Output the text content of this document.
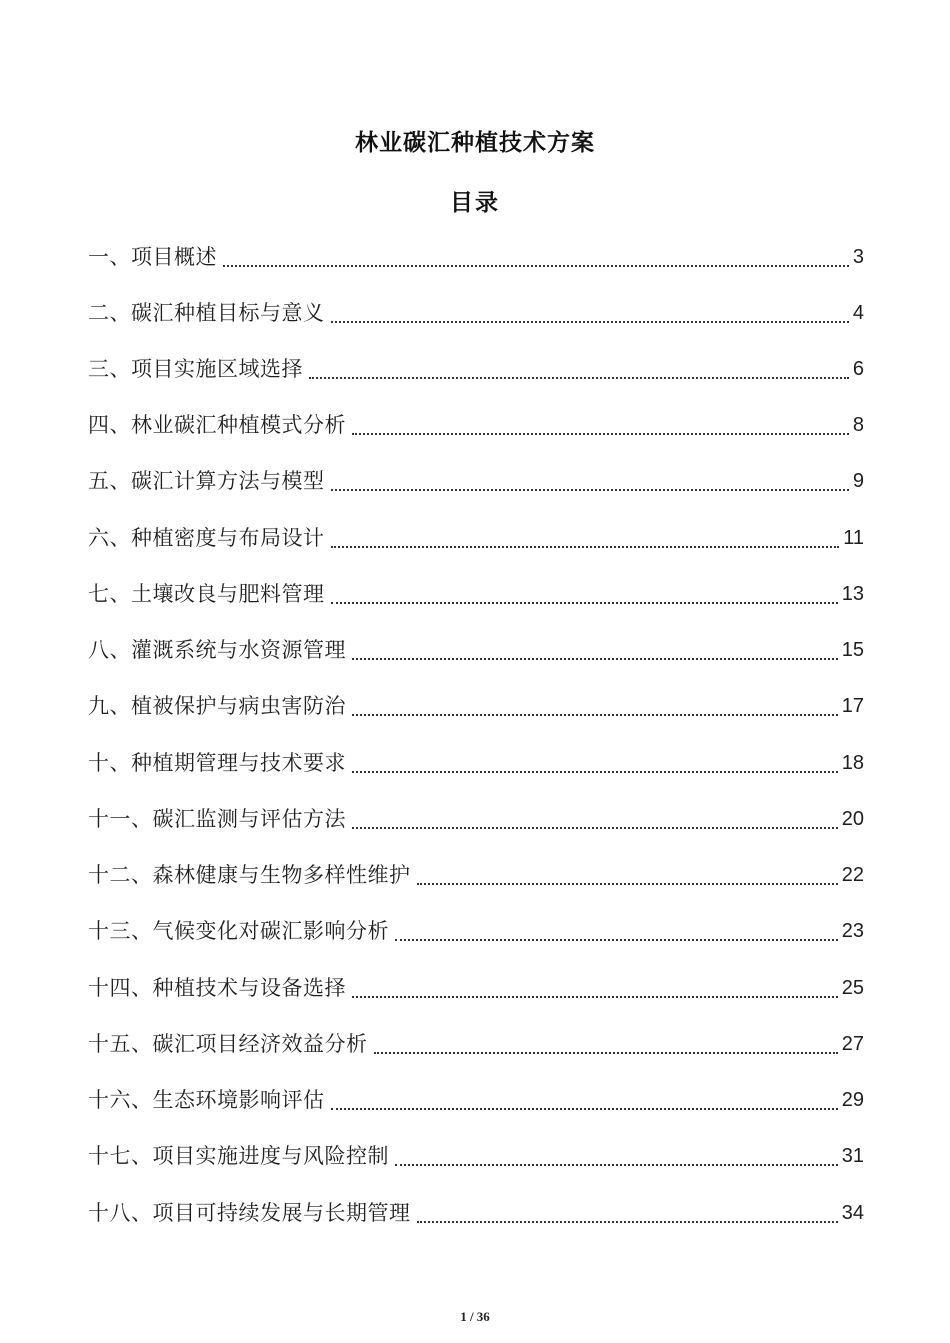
林业碳汇种植技术方案
目录
一、项目概述	3
二、碳汇种植目标与意义	4
三、项目实施区域选择	6
四、林业碳汇种植模式分析	8
五、碳汇计算方法与模型	9
六、种植密度与布局设计	11
七、土壤改良与肥料管理	13
八、灌溉系统与水资源管理	15
九、植被保护与病虫害防治	17
十、种植期管理与技术要求	18
十一、碳汇监测与评估方法	20
十二、森林健康与生物多样性维护	22
十三、气候变化对碳汇影响分析	23
十四、种植技术与设备选择	25
十五、碳汇项目经济效益分析	27
十六、生态环境影响评估	29
十七、项目实施进度与风险控制	31
十八、项目可持续发展与长期管理	34
1 / 36
